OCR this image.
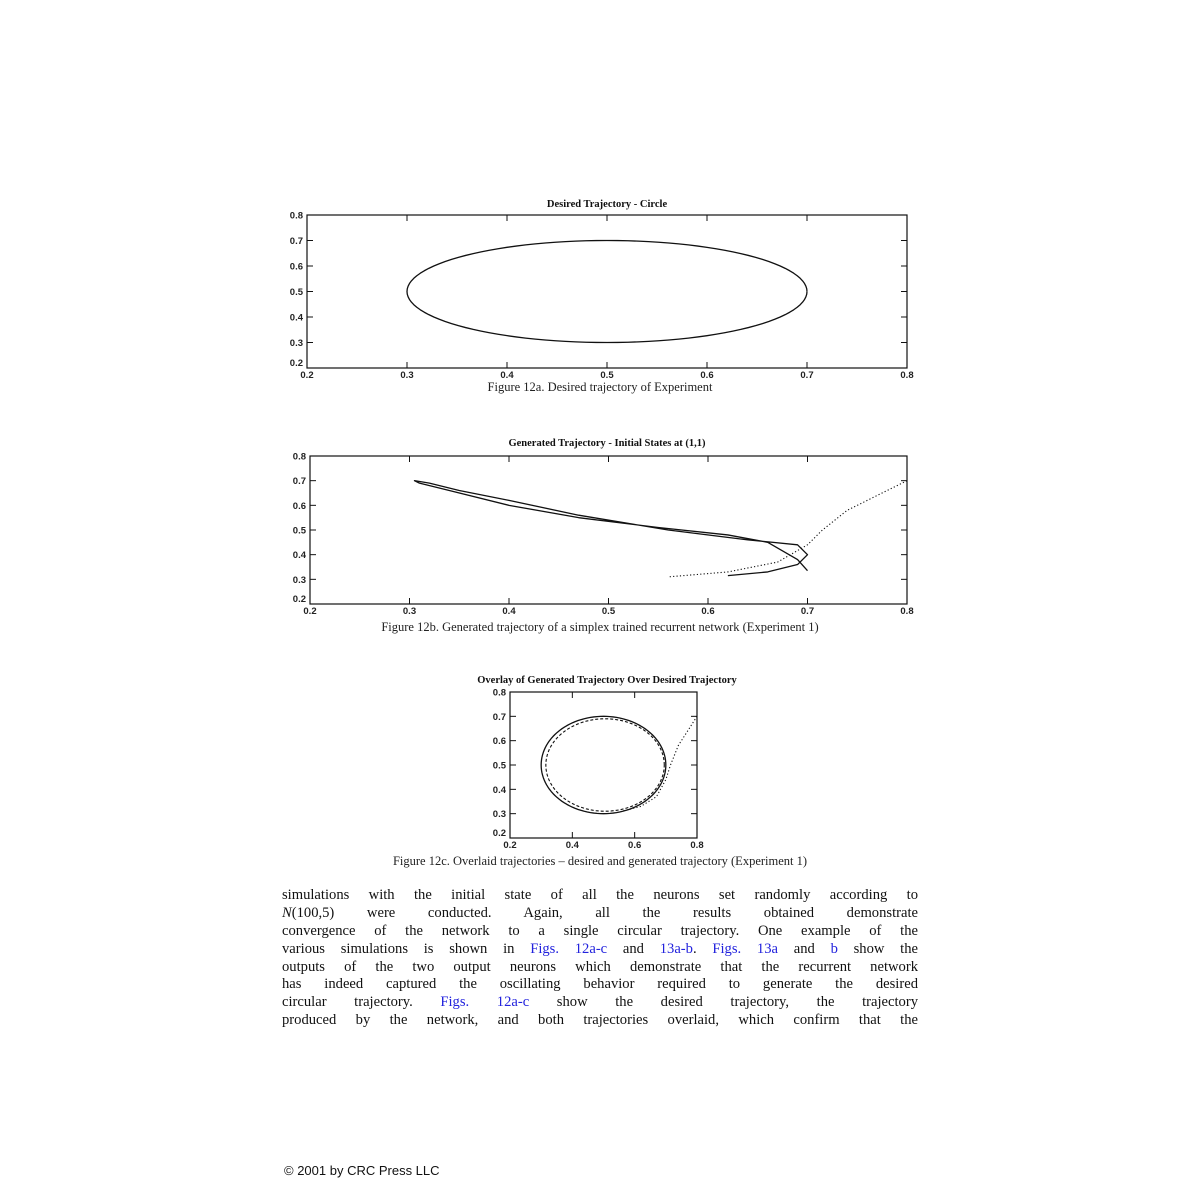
Desired Trajectory - Circle
0.2
0.3
0.4
0.5
0.6
0.7
0.8
0.2	0.3	0.4	0.5	0.6	0.7	0.8
Figure 12a. Desired trajectory of Experiment
Generated Trajectory - Initial States at (1,1)
0.2
0.3
0.4
0.5
0.6
0.7
0.8
0.2	0.3	0.4	0.5	0.6	0.7	0.8
Figure 12b. Generated trajectory of a simplex trained recurrent network (Experiment 1)
Overlay of Generated Trajectory Over Desired Trajectory
0.2
0.3
0.4
0.5
0.6
0.7
0.8
0.2	0.4	0.6	0.8
Figure 12c. Overlaid trajectories – desired and generated trajectory (Experiment 1)
simulations with the initial state of all the neurons set randomly according to
N(100,5) were conducted. Again, all the results obtained demonstrate
convergence of the network to a single circular trajectory. One example of the
various simulations is shown in Figs. 12a-c and 13a-b. Figs. 13a and b show the
outputs of the two output neurons which demonstrate that the recurrent network
has indeed captured the oscillating behavior required to generate the desired
circular trajectory. Figs. 12a-c show the desired trajectory, the trajectory
produced by the network, and both trajectories overlaid, which confirm that the
© 2001 by CRC Press LLC
